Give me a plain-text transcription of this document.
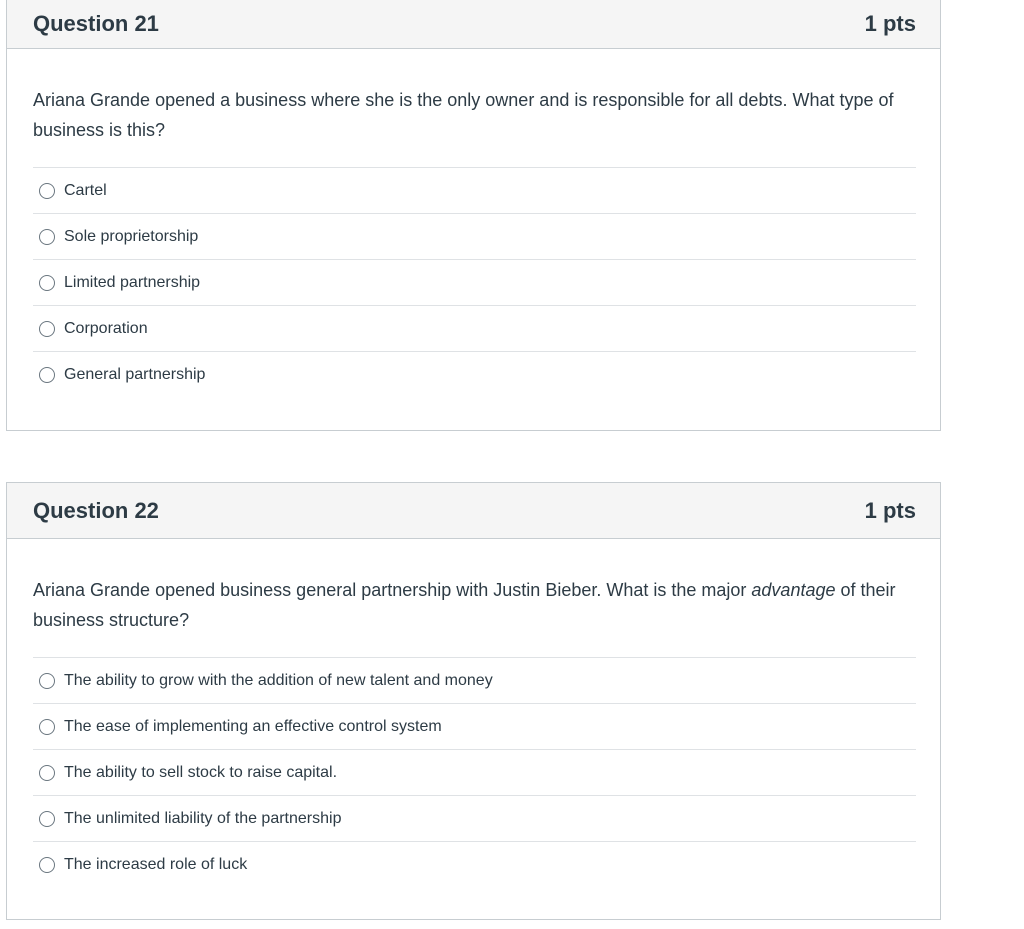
Question 21	1 pts
Ariana Grande opened a business where she is the only owner and is responsible for all debts. What type of business is this?
Cartel
Sole proprietorship
Limited partnership
Corporation
General partnership
Question 22	1 pts
Ariana Grande opened business general partnership with Justin Bieber. What is the major advantage of their business structure?
The ability to grow with the addition of new talent and money
The ease of implementing an effective control system
The ability to sell stock to raise capital.
The unlimited liability of the partnership
The increased role of luck
